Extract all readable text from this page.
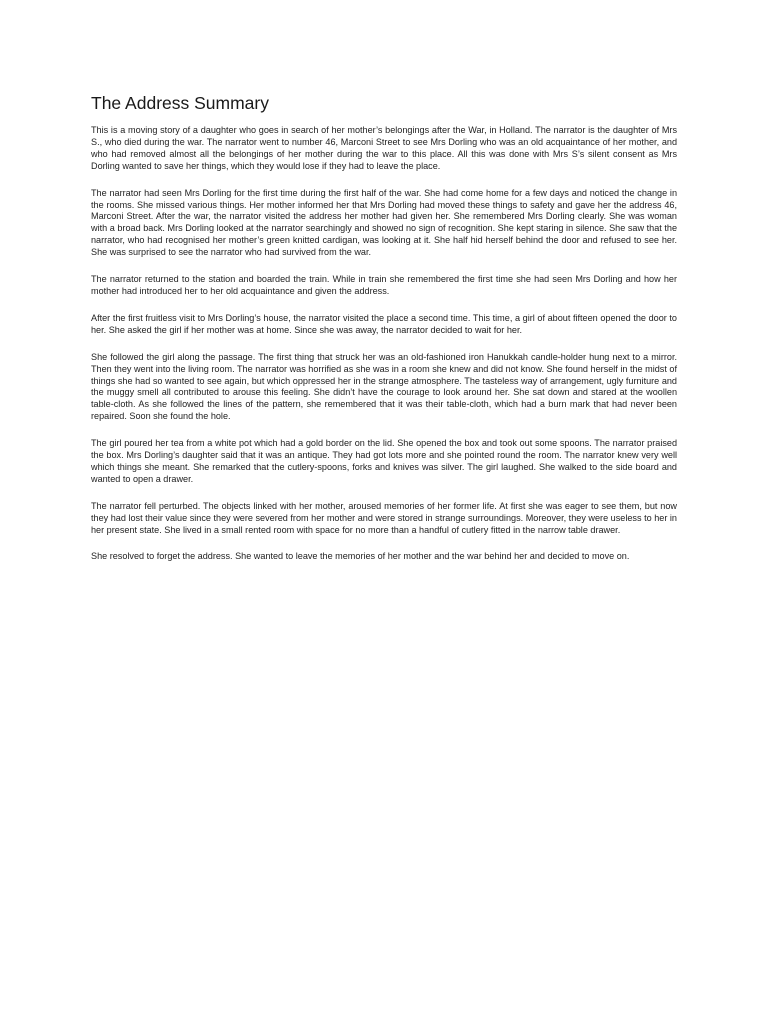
The Address Summary

This is a moving story of a daughter who goes in search of her mother’s belongings after the War, in Holland. The narrator is the daughter of Mrs S., who died during the war. The narrator went to number 46, Marconi Street to see Mrs Dorling who was an old acquaintance of her mother, and who had removed almost all the belongings of her mother during the war to this place. All this was done with Mrs S’s silent consent as Mrs Dorling wanted to save her things, which they would lose if they had to leave the place.

The narrator had seen Mrs Dorling for the first time during the first half of the war. She had come home for a few days and noticed the change in the rooms. She missed various things. Her mother informed her that Mrs Dorling had moved these things to safety and gave her the address 46, Marconi Street. After the war, the narrator visited the address her mother had given her. She remembered Mrs Dorling clearly. She was woman with a broad back. Mrs Dorling looked at the narrator searchingly and showed no sign of recognition. She kept staring in silence. She saw that the narrator, who had recognised her mother’s green knitted cardigan, was looking at it. She half hid herself behind the door and refused to see her. She was surprised to see the narrator who had survived from the war.

The narrator returned to the station and boarded the train. While in train she remembered the first time she had seen Mrs Dorling and how her mother had introduced her to her old acquaintance and given the address.

After the first fruitless visit to Mrs Dorling’s house, the narrator visited the place a second time. This time, a girl of about fifteen opened the door to her. She asked the girl if her mother was at home. Since she was away, the narrator decided to wait for her.

She followed the girl along the passage. The first thing that struck her was an old-fashioned iron Hanukkah candle-holder hung next to a mirror. Then they went into the living room. The narrator was horrified as she was in a room she knew and did not know. She found herself in the midst of things she had so wanted to see again, but which oppressed her in the strange atmosphere. The tasteless way of arrangement, ugly furniture and the muggy smell all contributed to arouse this feeling. She didn’t have the courage to look around her. She sat down and stared at the woollen table-cloth. As she followed the lines of the pattern, she remembered that it was their table-cloth, which had a burn mark that had never been repaired. Soon she found the hole.

The girl poured her tea from a white pot which had a gold border on the lid. She opened the box and took out some spoons. The narrator praised the box. Mrs Dorling’s daughter said that it was an antique. They had got lots more and she pointed round the room. The narrator knew very well which things she meant. She remarked that the cutlery-spoons, forks and knives was silver. The girl laughed. She walked to the side board and wanted to open a drawer.

The narrator fell perturbed. The objects linked with her mother, aroused memories of her former life. At first she was eager to see them, but now they had lost their value since they were severed from her mother and were stored in strange surroundings. Moreover, they were useless to her in her present state. She lived in a small rented room with space for no more than a handful of cutlery fitted in the narrow table drawer.

She resolved to forget the address. She wanted to leave the memories of her mother and the war behind her and decided to move on.
